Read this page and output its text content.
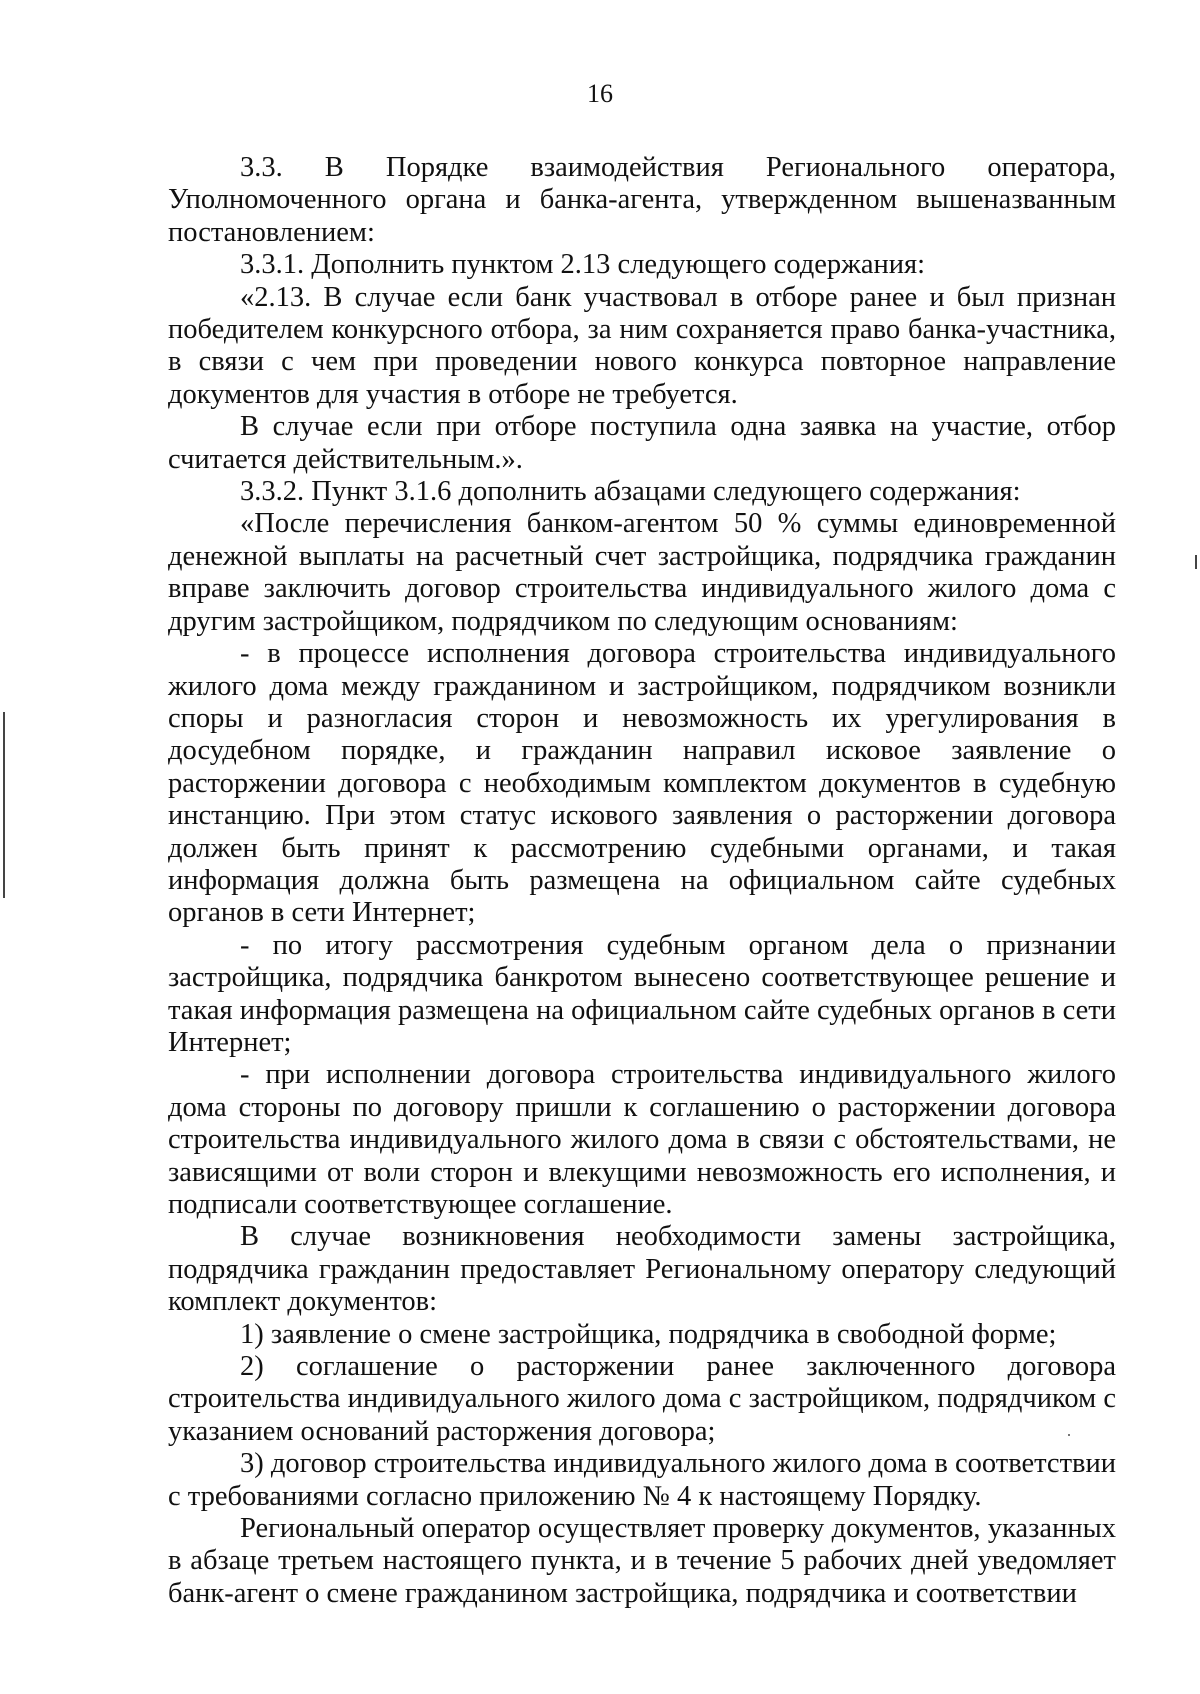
16

3.3. В Порядке взаимодействия Регионального оператора, Уполномоченного органа и банка-агента, утвержденном вышеназванным постановлением:

3.3.1. Дополнить пунктом 2.13 следующего содержания:

«2.13. В случае если банк участвовал в отборе ранее и был признан победителем конкурсного отбора, за ним сохраняется право банка-участника, в связи с чем при проведении нового конкурса повторное направление документов для участия в отборе не требуется.

В случае если при отборе поступила одна заявка на участие, отбор считается действительным.».

3.3.2. Пункт 3.1.6 дополнить абзацами следующего содержания:

«После перечисления банком-агентом 50 % суммы единовременной денежной выплаты на расчетный счет застройщика, подрядчика гражданин вправе заключить договор строительства индивидуального жилого дома с другим застройщиком, подрядчиком по следующим основаниям:

- в процессе исполнения договора строительства индивидуального жилого дома между гражданином и застройщиком, подрядчиком возникли споры и разногласия сторон и невозможность их урегулирования в досудебном порядке, и гражданин направил исковое заявление о расторжении договора с необходимым комплектом документов в судебную инстанцию. При этом статус искового заявления о расторжении договора должен быть принят к рассмотрению судебными органами, и такая информация должна быть размещена на официальном сайте судебных органов в сети Интернет;

- по итогу рассмотрения судебным органом дела о признании застройщика, подрядчика банкротом вынесено соответствующее решение и такая информация размещена на официальном сайте судебных органов в сети Интернет;

- при исполнении договора строительства индивидуального жилого дома стороны по договору пришли к соглашению о расторжении договора строительства индивидуального жилого дома в связи с обстоятельствами, не зависящими от воли сторон и влекущими невозможность его исполнения, и подписали соответствующее соглашение.

В случае возникновения необходимости замены застройщика, подрядчика гражданин предоставляет Региональному оператору следующий комплект документов:

1) заявление о смене застройщика, подрядчика в свободной форме;

2) соглашение о расторжении ранее заключенного договора строительства индивидуального жилого дома с застройщиком, подрядчиком с указанием оснований расторжения договора;

3) договор строительства индивидуального жилого дома в соответствии с требованиями согласно приложению № 4 к настоящему Порядку.

Региональный оператор осуществляет проверку документов, указанных в абзаце третьем настоящего пункта, и в течение 5 рабочих дней уведомляет банк-агент о смене гражданином застройщика, подрядчика и соответствии
